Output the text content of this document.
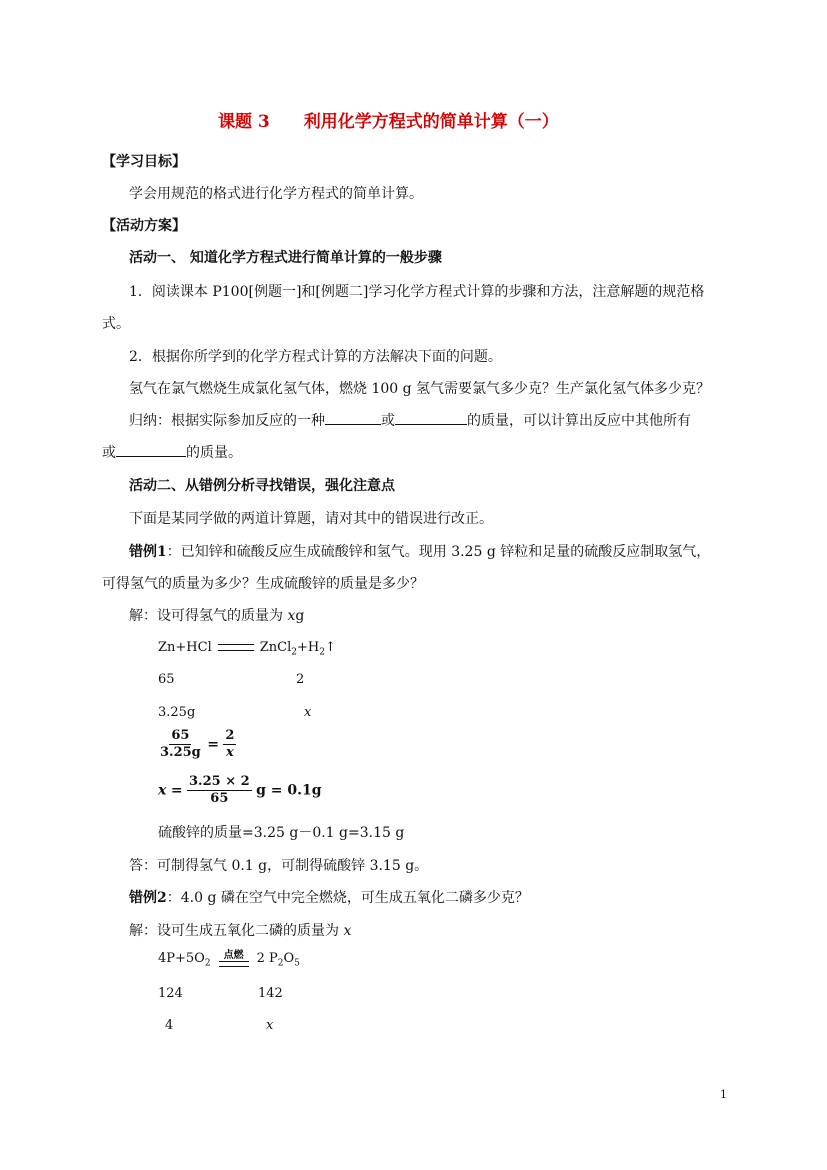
课题 3 利用化学方程式的简单计算（一）
【学习目标】
学会用规范的格式进行化学方程式的简单计算。
【活动方案】
活动一、 知道化学方程式进行简单计算的一般步骤
1．阅读课本 P100[例题一]和[例题二]学习化学方程式计算的步骤和方法，注意解题的规范格
式。
2．根据你所学到的化学方程式计算的方法解决下面的问题。
氢气在氯气燃烧生成氯化氢气体，燃烧 100 g 氢气需要氯气多少克？生产氯化氢气体多少克？
归纳：根据实际参加反应的一种	或	的质量，可以计算出反应中其他所有
或	的质量。
活动二、从错例分析寻找错误，强化注意点
下面是某同学做的两道计算题，请对其中的错误进行改正。
错例1：已知锌和硫酸反应生成硫酸锌和氢气。现用 3.25 g 锌粒和足量的硫酸反应制取氢气，
可得氢气的质量为多少？生成硫酸锌的质量是多少？
解：设可得氢气的质量为 xg
Zn+HCl	$ZnCl_2+H_2↑$
65	2
3.25g	x
$\frac{65}{3.25g} = \frac{2}{x}$
$x = \frac{3.25 \times 2}{65}$ g = 0.1g
硫酸锌的质量=3.25 g－0.1 g=3.15 g
答：可制得氢气 0.1 g，可制得硫酸锌 3.15 g。
错例2：4.0 g 磷在空气中完全燃烧，可生成五氧化二磷多少克？
解：设可生成五氧化二磷的质量为 x
$4P+5O_2$
点燃 2 $P_2O_5$
124	142
4	x
1
